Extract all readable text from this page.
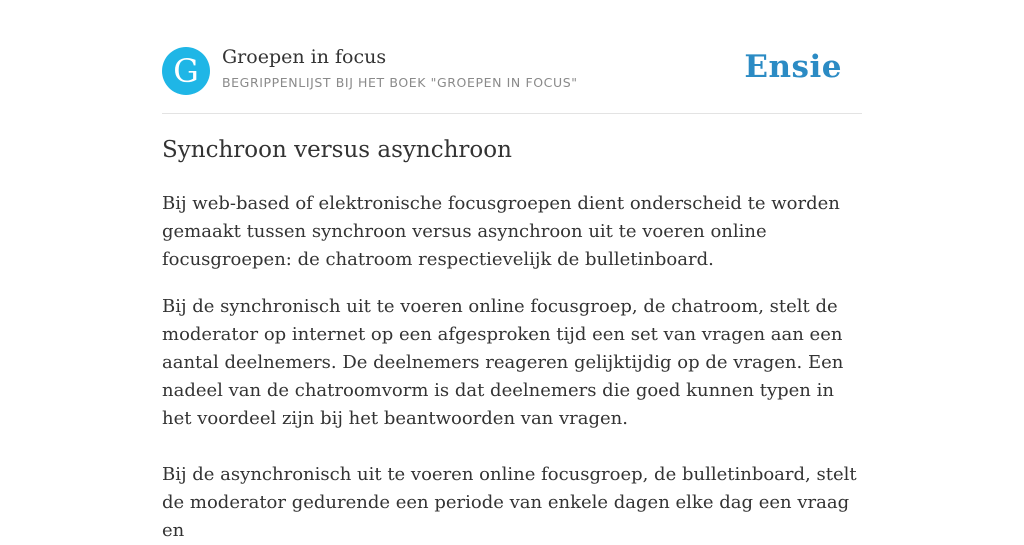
G	Groepen in focus
BEGRIPPENLIJST BIJ HET BOEK "GROEPEN IN FOCUS"	Ensie
Synchroon versus asynchroon

Bij web-based of elektronische focusgroepen dient onderscheid te worden gemaakt tussen synchroon versus asynchroon uit te voeren online focusgroepen: de chatroom respectievelijk de bulletinboard.

Bij de synchronisch uit te voeren online focusgroep, de chatroom, stelt de moderator op internet op een afgesproken tijd een set van vragen aan een aantal deelnemers. De deelnemers reageren gelijktijdig op de vragen. Een nadeel van de chatroomvorm is dat deelnemers die goed kunnen typen in het voordeel zijn bij het beantwoorden van vragen.

Bij de asynchronisch uit te voeren online focusgroep, de bulletinboard, stelt de moderator gedurende een periode van enkele dagen elke dag een vraag en
